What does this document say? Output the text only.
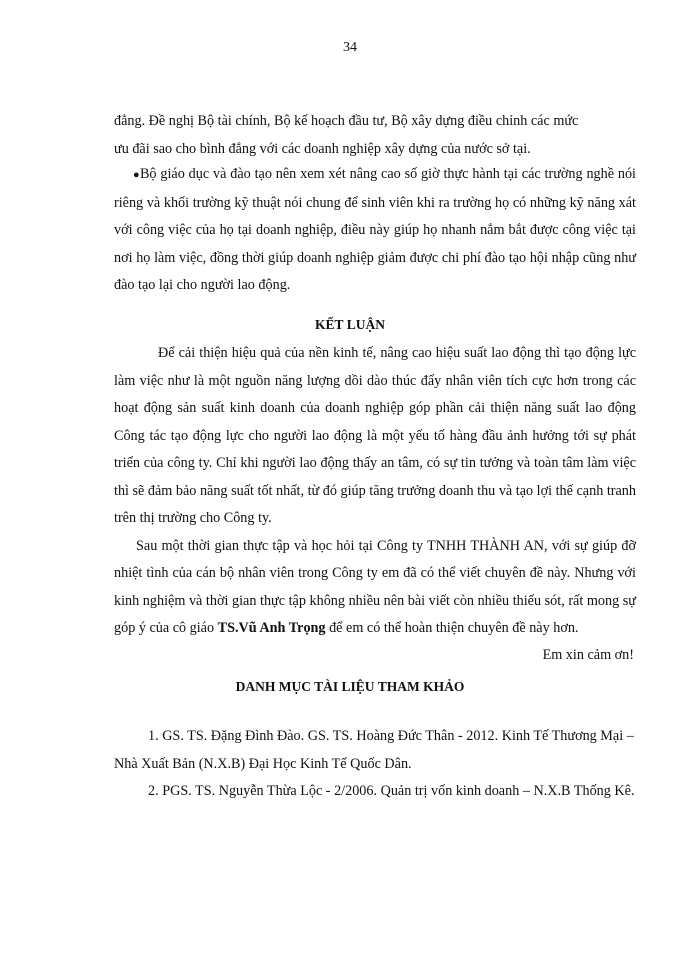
34

đẳng. Đề nghị Bộ tài chính, Bộ kế hoạch đầu tư, Bộ xây dựng điều chỉnh các mức

ưu đãi sao cho bình đẳng với các doanh nghiệp xây dựng của nước sở tại.

●Bộ giáo dục và đào tạo nên xem xét nâng cao số giờ thực hành tại các trường nghề nói riêng và khối trường kỹ thuật nói chung để sinh viên khi ra trường họ có những kỹ năng xát với công việc của họ tại doanh nghiệp, điều này giúp họ nhanh nắm bắt được công việc tại nơi họ làm việc, đồng thời giúp doanh nghiệp giảm được chi phí đào tạo hội nhập cũng như đào tạo lại cho người lao động.

KẾT LUẬN

Để cải thiện hiệu quả của nền kinh tế, nâng cao hiệu suất lao động thì tạo động lực làm việc như là một nguồn năng lượng dồi dào thúc đẩy nhân viên tích cực hơn trong các hoạt động sản suất kinh doanh của doanh nghiệp góp phần cải thiện năng suất lao động Công tác tạo động lực cho người lao động là một yếu tố hàng đầu ảnh hưởng tới sự phát triển của công ty. Chỉ khi người lao động thấy an tâm, có sự tin tưởng và toàn tâm làm việc thì sẽ đảm bảo năng suất tốt nhất, từ đó giúp tăng trưởng doanh thu và tạo lợi thế cạnh tranh trên thị trường cho Công ty.

Sau một thời gian thực tập và học hỏi tại Công ty TNHH THÀNH AN, với sự giúp đỡ nhiệt tình của cán bộ nhân viên trong Công ty em đã có thể viết chuyên đề này. Nhưng với kinh nghiệm và thời gian thực tập không nhiều nên bài viết còn nhiều thiếu sót, rất mong sự góp ý của cô giáo TS.Vũ Anh Trọng để em có thể hoàn thiện chuyên đề này hơn.

Em xin cảm ơn!
DANH MỤC TÀI LIỆU THAM KHẢO

1. GS. TS. Đặng Đình Đào. GS. TS. Hoàng Đức Thân - 2012. Kinh Tế Thương Mại – Nhà Xuất Bản (N.X.B) Đại Học Kinh Tế Quốc Dân.

2. PGS. TS. Nguyễn Thừa Lộc - 2/2006. Quản trị vốn kinh doanh – N.X.B Thống Kê.
